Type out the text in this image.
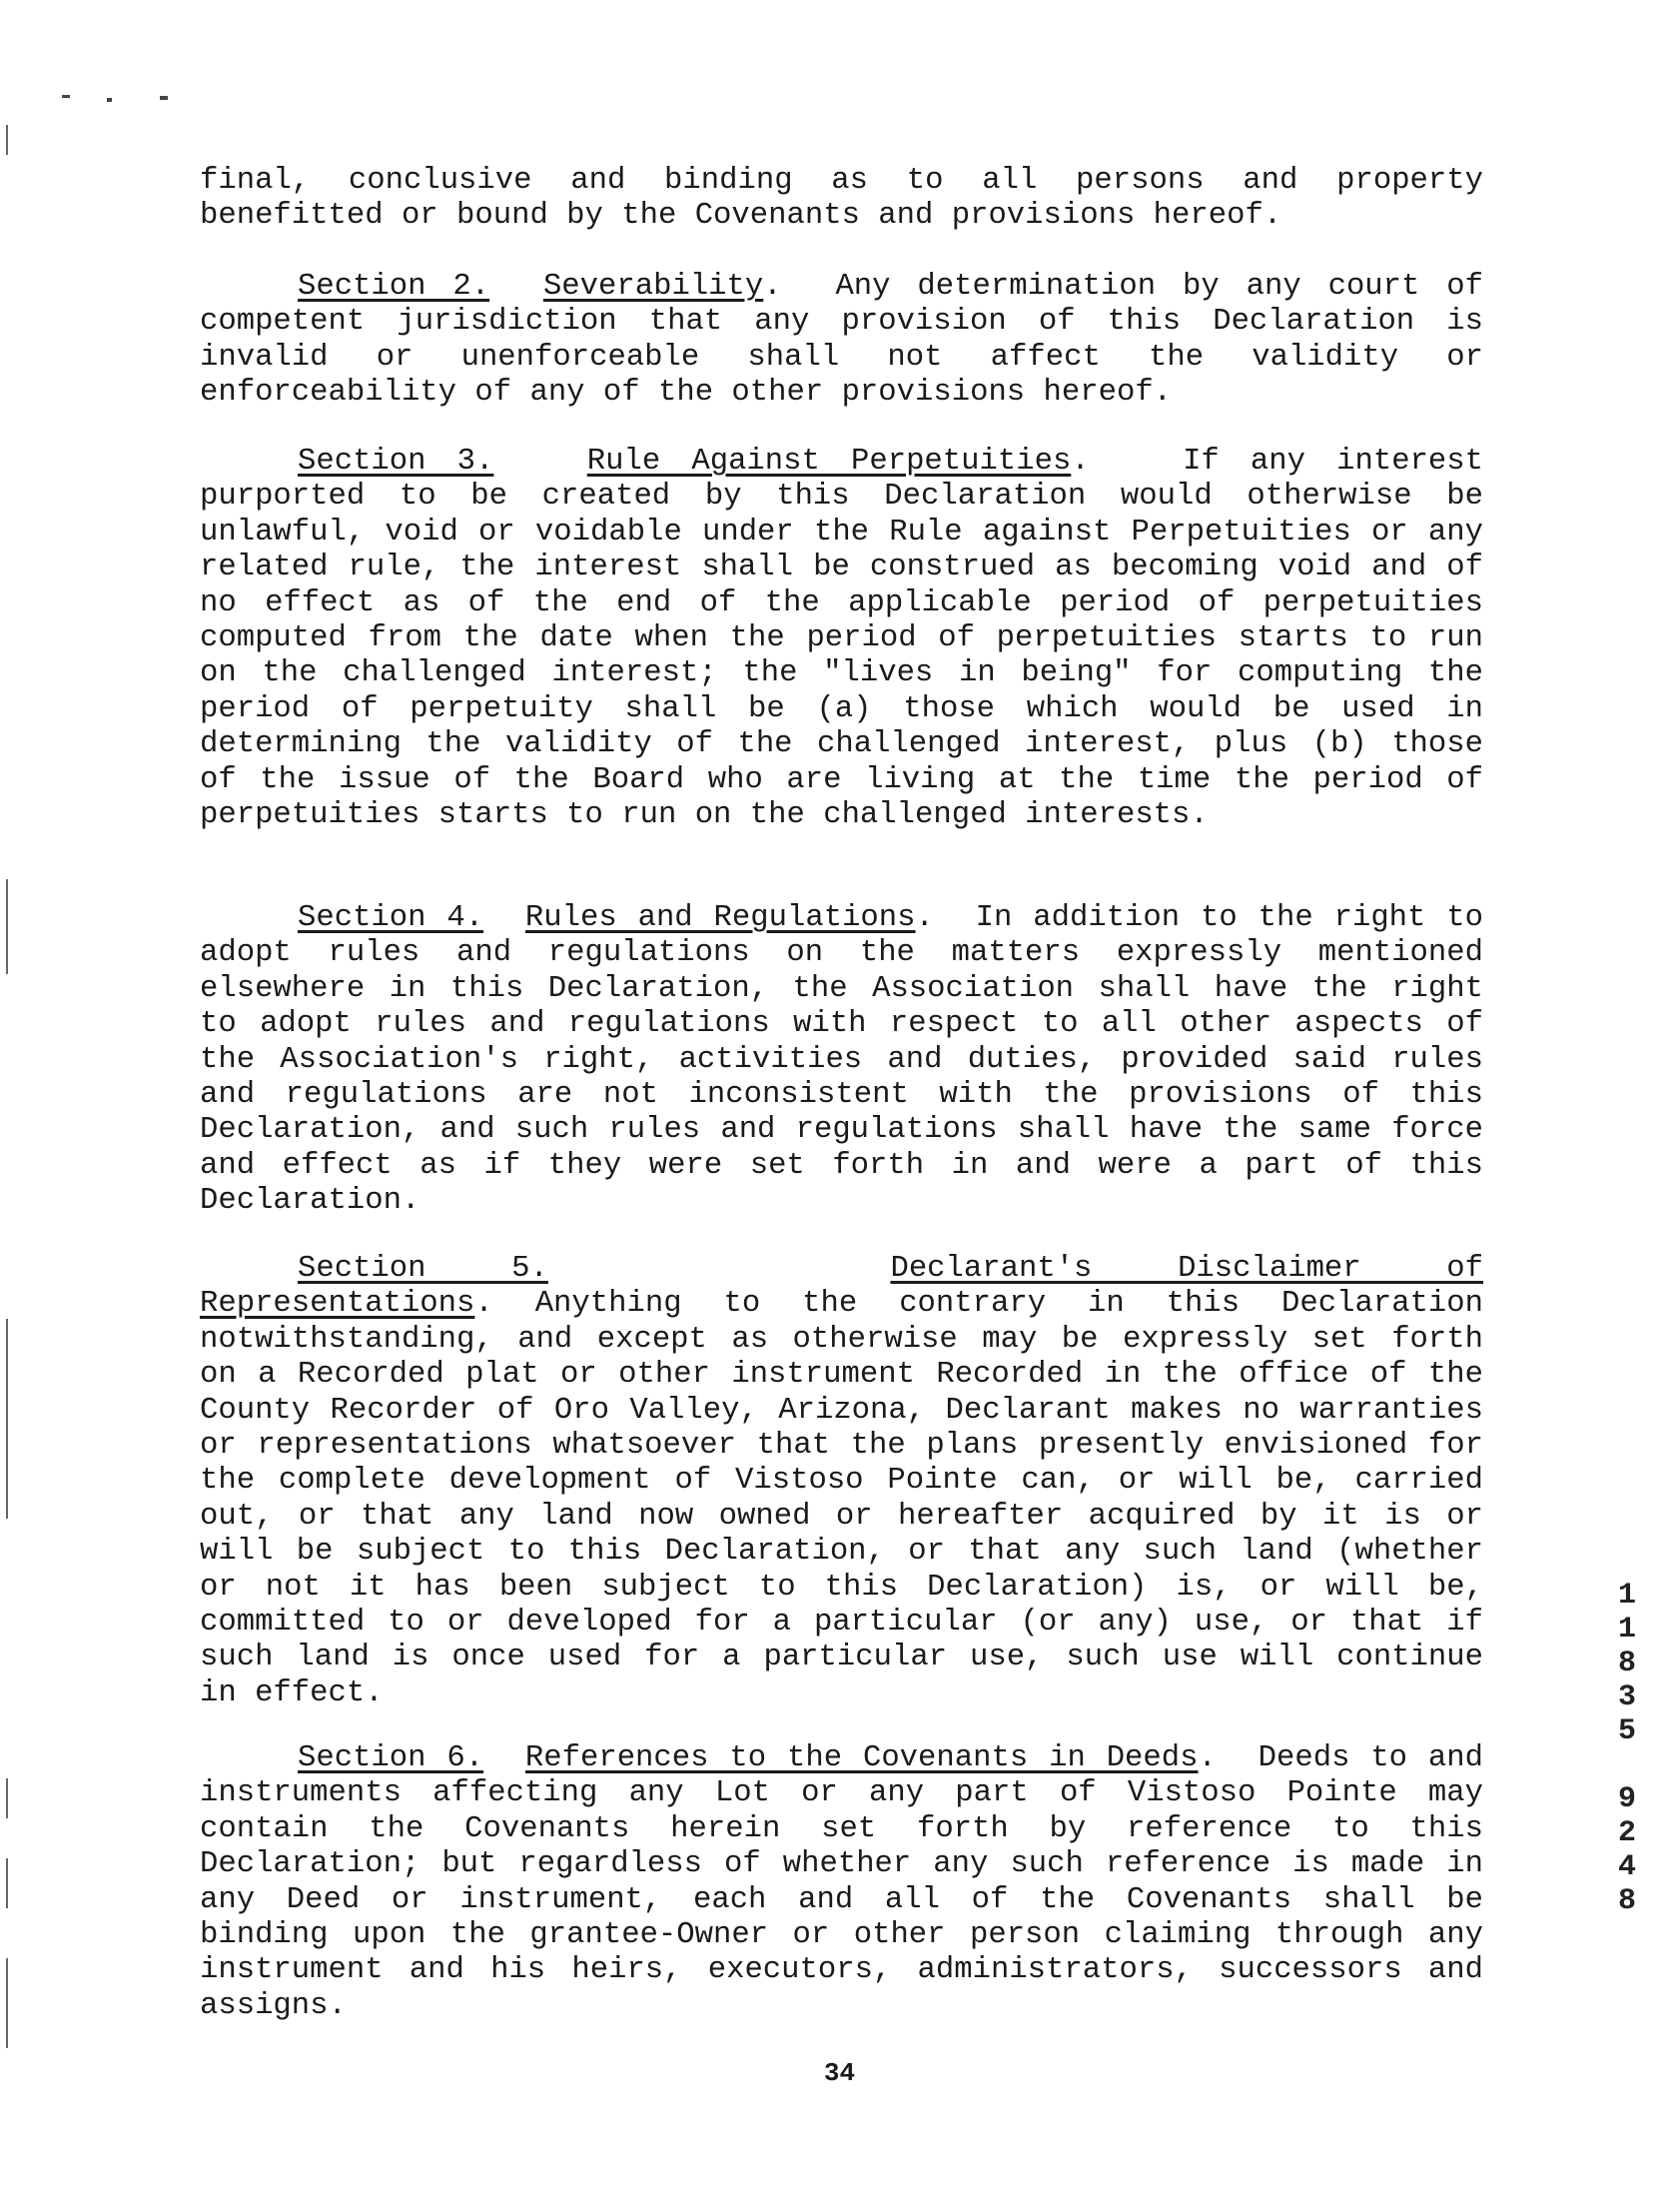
final, conclusive and binding as to all persons and property benefitted or bound by the Covenants and provisions hereof.
Section 2. Severability.  Any determination by any court of competent jurisdiction that any provision of this Declaration is invalid or unenforceable shall not affect the validity or enforceability of any of the other provisions hereof.
Section 3.	Rule Against Perpetuities.   If any interest purported to be created by this Declaration would otherwise be unlawful, void or voidable under the Rule against Perpetuities or any related rule, the interest shall be construed as becoming void and of no effect as of the end of the applicable period of perpetuities computed from the date when the period of perpetuities starts to run on the challenged interest; the "lives in being" for computing the period of perpetuity shall be (a) those which would be used in determining the validity of the challenged interest, plus (b) those of the issue of the Board who are living at the time the period of perpetuities starts to run on the challenged interests.
Section 4. Rules and Regulations.  In addition to the right to adopt rules and regulations on the matters expressly mentioned elsewhere in this Declaration, the Association shall have the right to adopt rules and regulations with respect to all other aspects of the Association's right, activities and duties, provided said rules and regulations are not inconsistent with the provisions of this Declaration, and such rules and regulations shall have the same force and effect as if they were set forth in and were a part of this Declaration.
Section 5.	Declarant's Disclaimer of Representations. Anything to the contrary in this Declaration notwithstanding, and except as otherwise may be expressly set forth on a Recorded plat or other instrument Recorded in the office of the County Recorder of Oro Valley, Arizona, Declarant makes no warranties or representations whatsoever that the plans presently envisioned for the complete development of Vistoso Pointe can, or will be, carried out, or that any land now owned or hereafter acquired by it is or will be subject to this Declaration, or that any such land (whether or not it has been subject to this Declaration) is, or will be, committed to or developed for a particular (or any) use, or that if such land is once used for a particular use, such use will continue in effect.
Section 6. References to the Covenants in Deeds.  Deeds to and instruments affecting any Lot or any part of Vistoso Pointe may contain the Covenants herein set forth by reference to this Declaration; but regardless of whether any such reference is made in any Deed or instrument, each and all of the Covenants shall be binding upon the grantee-Owner or other person claiming through any instrument and his heirs, executors, administrators, successors and assigns.
1
1
8
3
5
9
2
4
8
34
